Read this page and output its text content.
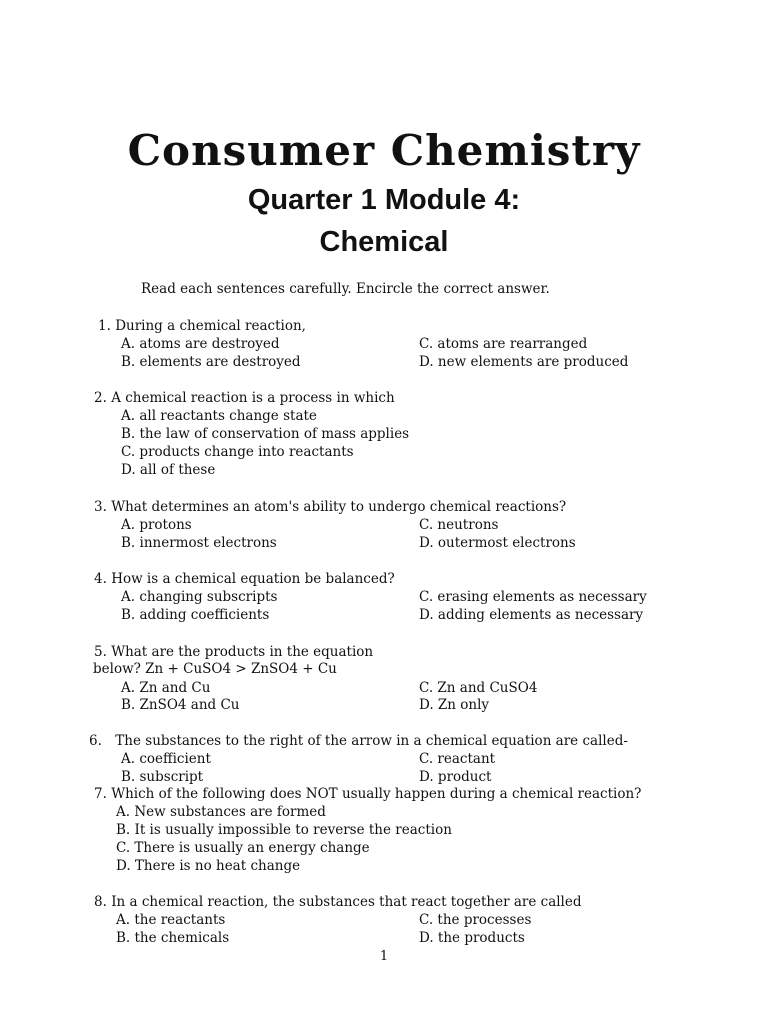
Consumer Chemistry
Quarter 1 Module 4:
Chemical
Read each sentences carefully. Encircle the correct answer.
1. During a chemical reaction,
A. atoms are destroyed
B. elements are destroyed
C. atoms are rearranged
D. new elements are produced
2. A chemical reaction is a process in which
A. all reactants change state
B. the law of conservation of mass applies
C. products change into reactants
D. all of these
3. What determines an atom's ability to undergo chemical reactions?
A. protons
B. innermost electrons
C. neutrons
D. outermost electrons
4. How is a chemical equation be balanced?
A. changing subscripts
B. adding coefficients
C. erasing elements as necessary
D. adding elements as necessary
5. What are the products in the equation
below? Zn + CuSO4 > ZnSO4 + Cu
A. Zn and Cu
B. ZnSO4 and Cu
C. Zn and CuSO4
D. Zn only
6. The substances to the right of the arrow in a chemical equation are called-
A. coefficient
B. subscript
C. reactant
D. product
7. Which of the following does NOT usually happen during a chemical reaction?
A. New substances are formed
B. It is usually impossible to reverse the reaction
C. There is usually an energy change
D. There is no heat change
8. In a chemical reaction, the substances that react together are called
A. the reactants
B. the chemicals
C. the processes
D. the products
1
